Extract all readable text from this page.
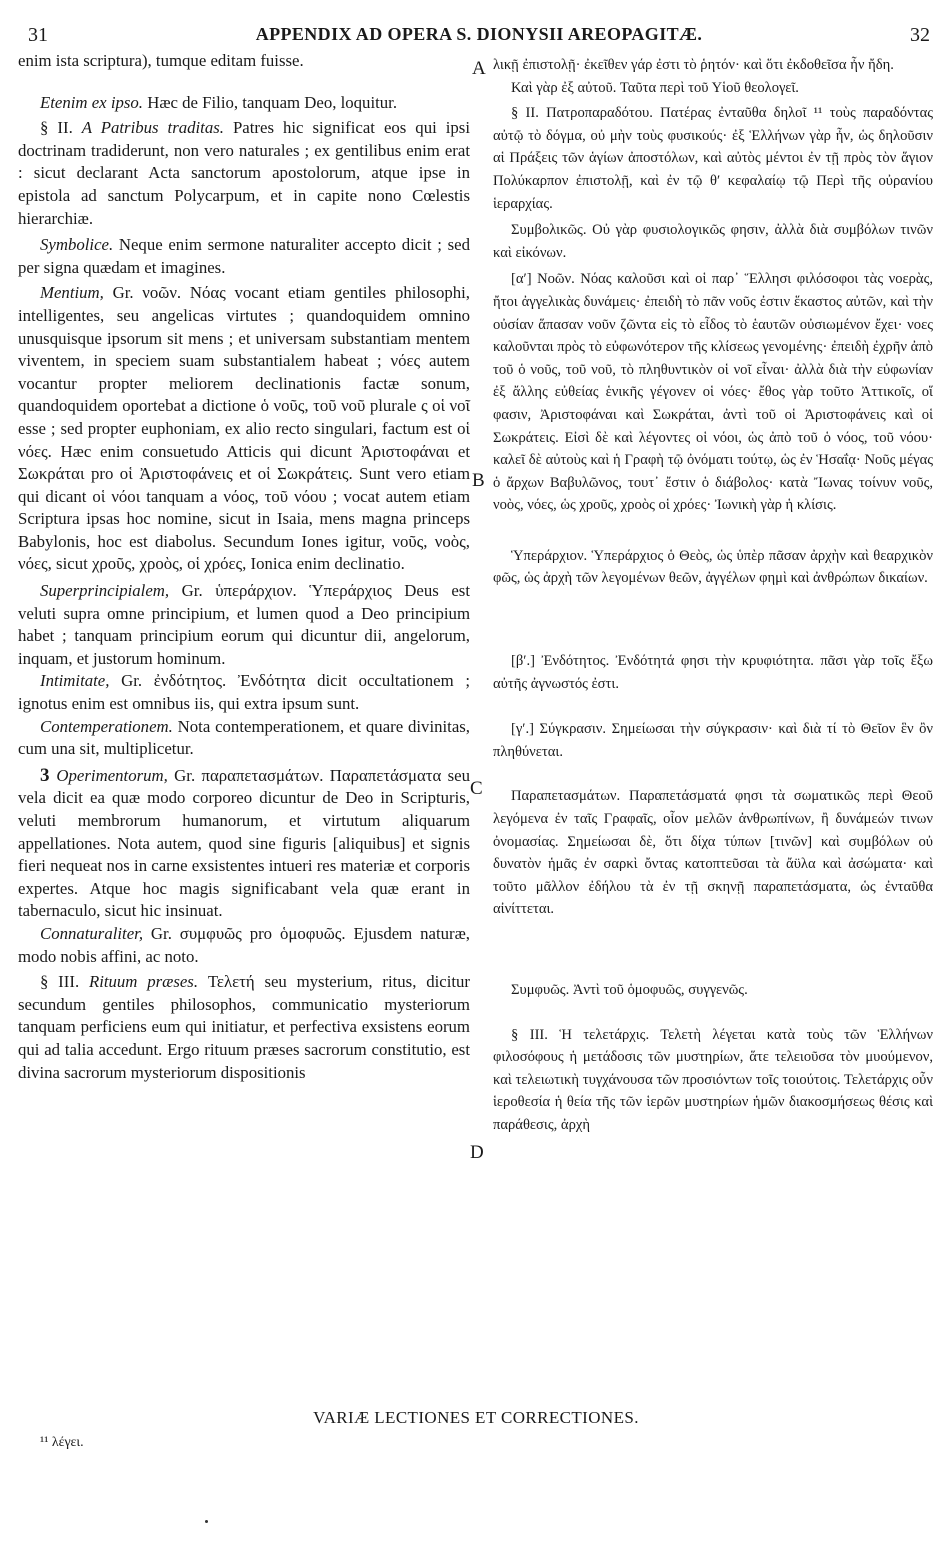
31	APPENDIX AD OPERA S. DIONYSII AREOPAGITÆ.	32

enim ista scriptura), tumque editam fuisse.

Etenim ex ipso. Hæc de Filio, tanquam Deo, loquitur.

§ II. A Patribus traditas. Patres hic significat eos qui ipsi doctrinam tradiderunt, non vero naturales ; ex gentilibus enim erat : sicut declarant Acta sanctorum apostolorum, atque ipse in epistola ad sanctum Polycarpum, et in capite nono Cœlestis hierarchiæ.

Symbolice. Neque enim sermone naturaliter accepto dicit ; sed per signa quædam et imagines.

Mentium, Gr. νοῶν. Νόας vocant etiam gentiles philosophi, intelligentes, seu angelicas virtutes ; quandoquidem omnino unusquisque ipsorum sit mens ; et universam substantiam mentem viventem, in speciem suam substantialem habeat ; νόες autem vocantur propter meliorem declinationis factæ sonum, quandoquidem oportebat a dictione ὁ νοῦς, τοῦ νοῦ plurale ς οἱ νοῖ esse ; sed propter euphoniam, ex alio recto singulari, factum est οἱ νόες. Hæc enim consuetudo Atticis qui dicunt Ἀριστοφάναι et Σωκράται pro οἱ Ἀριστοφάνεις et οἱ Σωκράτεις. Sunt vero etiam qui dicant οἱ νόοι tanquam a νόος, τοῦ νόου ; vocat autem etiam Scriptura ipsas hoc nomine, sicut in Isaia, mens magna princeps Babylonis, hoc est diabolus. Secundum Iones igitur, νοῦς, νοὸς, νόες, sicut χροῦς, χροὸς, οἱ χρόες, Ionica enim declinatio.

Superprincipialem, Gr. ὑπεράρχιον. Ὑπεράρχιος Deus est veluti supra omne principium, et lumen quod a Deo principium habet ; tanquam principium eorum qui dicuntur dii, angelorum, inquam, et justorum hominum.

Intimitate, Gr. ἐνδότητος. Ἐνδότητα dicit occultationem ; ignotus enim est omnibus iis, qui extra ipsum sunt.

Contemperationem. Nota contemperationem, et quare divinitas, cum una sit, multiplicetur.

3 Operimentorum, Gr. παραπετασμάτων. Παραπετάσματα seu vela dicit ea quæ modo corporeo dicuntur de Deo in Scripturis, veluti membrorum humanorum, et virtutum aliquarum appellationes. Nota autem, quod sine figuris [aliquibus] et signis fieri nequeat nos in carne exsistentes intueri res materiæ et corporis expertes. Atque hoc magis significabant vela quæ erant in tabernaculo, sicut hic insinuat.

Connaturaliter, Gr. συμφυῶς pro ὁμοφυῶς. Ejusdem naturæ, modo nobis affini, ac noto.

§ III. Rituum præses. Τελετή seu mysterium, ritus, dicitur secundum gentiles philosophos, communicatio mysteriorum tanquam perficiens eum qui initiatur, et perfectiva exsistens eorum qui ad talia accedunt. Ergo rituum præses sacrorum constitutio, est divina sacrorum mysteriorum dispositionis

A
B
C
D

λικῇ ἐπιστολῇ· ἐκεῖθεν γάρ ἐστι τὸ ῥητόν· καὶ ὅτι ἐκδοθεῖσα ἦν ἤδη.

Καὶ γὰρ ἐξ αὐτοῦ. Ταῦτα περὶ τοῦ Υἱοῦ θεολογεῖ.

§ II. Πατροπαραδότου. Πατέρας ἐνταῦθα δηλοῖ ¹¹ τοὺς παραδόντας αὐτῷ τὸ δόγμα, οὐ μὴν τοὺς φυσικούς· ἐξ Ἑλλήνων γὰρ ἦν, ὡς δηλοῦσιν αἱ Πράξεις τῶν ἁγίων ἀποστόλων, καὶ αὐτὸς μέντοι ἐν τῇ πρὸς τὸν ἅγιον Πολύκαρπον ἐπιστολῇ, καὶ ἐν τῷ θ′ κεφαλαίῳ τῷ Περὶ τῆς οὐρανίου ἱεραρχίας.

Συμβολικῶς. Οὐ γὰρ φυσιολογικῶς φησιν, ἀλλὰ διὰ συμβόλων τινῶν καὶ εἰκόνων.

[α′] Νοῶν. Νόας καλοῦσι καὶ οἱ παρ᾽ Ἕλλησι φιλόσοφοι τὰς νοερὰς, ἤτοι ἀγγελικὰς δυνάμεις· ἐπειδὴ τὸ πᾶν νοῦς ἐστιν ἕκαστος αὐτῶν, καὶ τὴν οὐσίαν ἅπασαν νοῦν ζῶντα εἰς τὸ εἶδος τὸ ἑαυτῶν οὐσιωμένον ἔχει· νοες καλοῦνται πρὸς τὸ εὐφωνότερον τῆς κλίσεως γενομένης· ἐπειδὴ ἐχρῆν ἀπὸ τοῦ ὁ νοῦς, τοῦ νοῦ, τὸ πληθυντικὸν οἱ νοῖ εἶναι· ἀλλὰ διὰ τὴν εὐφωνίαν ἐξ ἄλλης εὐθείας ἑνικῆς γέγονεν οἱ νόες· ἔθος γὰρ τοῦτο Ἀττικοῖς, οἵ φασιν, Ἀριστοφάναι καὶ Σωκράται, ἀντὶ τοῦ οἱ Ἀριστοφάνεις καὶ οἱ Σωκράτεις. Εἰσὶ δὲ καὶ λέγοντες οἱ νόοι, ὡς ἀπὸ τοῦ ὁ νόος, τοῦ νόου· καλεῖ δὲ αὐτοὺς καὶ ἡ Γραφὴ τῷ ὀνόματι τούτῳ, ὡς ἐν Ἡσαΐᾳ· Νοῦς μέγας ὁ ἄρχων Βαβυλῶνος, τουτ᾽ ἔστιν ὁ διάβολος· κατὰ Ἴωνας τοίνυν νοῦς, νοὸς, νόες, ὡς χροῦς, χροὸς οἱ χρόες· Ἰωνικὴ γὰρ ἡ κλίσις.

Ὑπεράρχιον. Ὑπεράρχιος ὁ Θεὸς, ὡς ὑπὲρ πᾶσαν ἀρχὴν καὶ θεαρχικὸν φῶς, ὡς ἀρχὴ τῶν λεγομένων θεῶν, ἀγγέλων φημὶ καὶ ἀνθρώπων δικαίων.

[β′.] Ἐνδότητος. Ἐνδότητά φησι τὴν κρυφιότητα. πᾶσι γὰρ τοῖς ἔξω αὐτῆς ἀγνωστός ἐστι.

[γ′.] Σύγκρασιν. Σημείωσαι τὴν σύγκρασιν· καὶ διὰ τί τὸ Θεῖον ἓν ὂν πληθύνεται.

Παραπετασμάτων. Παραπετάσματά φησι τὰ σωματικῶς περὶ Θεοῦ λεγόμενα ἐν ταῖς Γραφαῖς, οἷον μελῶν ἀνθρωπίνων, ἢ δυνάμεών τινων ὀνομασίας. Σημείωσαι δὲ, ὅτι δίχα τύπων [τινῶν] καὶ συμβόλων οὐ δυνατὸν ἡμᾶς ἐν σαρκὶ ὄντας κατοπτεῦσαι τὰ ἄϋλα καὶ ἀσώματα· καὶ τοῦτο μᾶλλον ἐδήλου τὰ ἐν τῇ σκηνῇ παραπετάσματα, ὡς ἐνταῦθα αἰνίττεται.

Συμφυῶς. Ἀντὶ τοῦ ὁμοφυῶς, συγγενῶς.

§ III. Ἡ τελετάρχις. Τελετὴ λέγεται κατὰ τοὺς τῶν Ἑλλήνων φιλοσόφους ἡ μετάδοσις τῶν μυστηρίων, ἅτε τελειοῦσα τὸν μυούμενον, καὶ τελειωτικὴ τυγχάνουσα τῶν προσιόντων τοῖς τοιούτοις. Τελετάρχις οὖν ἱεροθεσία ἡ θεία τῆς τῶν ἱερῶν μυστηρίων ἡμῶν διακοσμήσεως θέσις καὶ παράθεσις, ἀρχὴ

VARIÆ LECTIONES ET CORRECTIONES.
¹¹ λέγει.
